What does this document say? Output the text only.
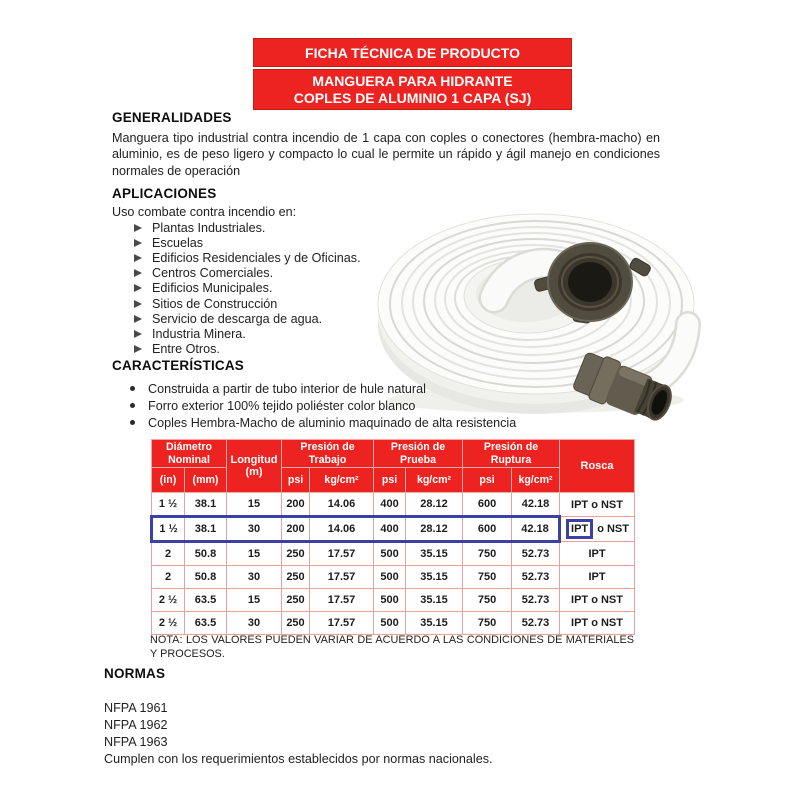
FICHA TÉCNICA DE PRODUCTO
MANGUERA PARA HIDRANTE
COPLES DE ALUMINIO 1 CAPA (SJ)
GENERALIDADES

Manguera tipo industrial contra incendio de 1 capa con coples o conectores (hembra-macho) en aluminio, es de peso ligero y compacto lo cual le permite un rápido y ágil manejo en condiciones normales de operación

APLICACIONES
Uso combate contra incendio en:
Plantas Industriales.
Escuelas
Edificios Residenciales y de Oficinas.
Centros Comerciales.
Edificios Municipales.
Sitios de Construcción
Servicio de descarga de agua.
Industria Minera.
Entre Otros.
CARACTERÍSTICAS
Construida a partir de tubo interior de hule natural
Forro exterior 100% tejido poliéster color blanco
Coples Hembra-Macho de aluminio maquinado de alta resistencia
Diámetro Nominal		Longitud (m)	Presión de Trabajo		Presión de Prueba		Presión de Ruptura		Rosca
(in)	(mm)		psi	kg/cm²	psi	kg/cm²	psi	kg/cm²	
1 ½	38.1	15	200	14.06	400	28.12	600	42.18	IPT o NST
1 ½	38.1	30	200	14.06	400	28.12	600	42.18	IPT o NST
2	50.8	15	250	17.57	500	35.15	750	52.73	IPT
2	50.8	30	250	17.57	500	35.15	750	52.73	IPT
2 ½	63.5	15	250	17.57	500	35.15	750	52.73	IPT o NST
2 ½	63.5	30	250	17.57	500	35.15	750	52.73	IPT o NST
NOTA: LOS VALORES PUEDEN VARIAR DE ACUERDO A LAS CONDICIONES DE MATERIALES Y PROCESOS.
NORMAS
NFPA 1961
NFPA 1962
NFPA 1963
Cumplen con los requerimientos establecidos por normas nacionales.
